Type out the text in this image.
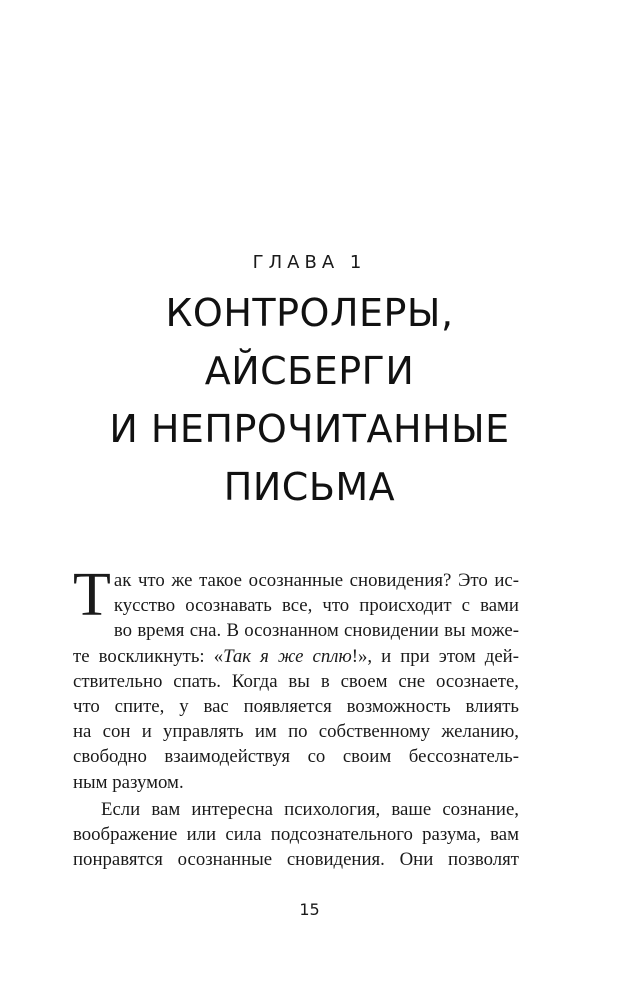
ГЛАВА 1
КОНТРОЛЕРЫ,
АЙСБЕРГИ
И НЕПРОЧИТАННЫЕ
ПИСЬМА
Т ак что же такое осознанные сновидения? Это ис-
кусство осознавать все, что происходит с вами
во время сна. В осознанном сновидении вы може-
те воскликнуть: «Так я же сплю!», и при этом дей-
ствительно спать. Когда вы в своем сне осознаете,
что спите, у вас появляется возможность влиять
на сон и управлять им по собственному желанию,
свободно взаимодействуя со своим бессознатель-
ным разумом.
Если вам интересна психология, ваше сознание,
воображение или сила подсознательного разума, вам
понравятся осознанные сновидения. Они позволят
15
